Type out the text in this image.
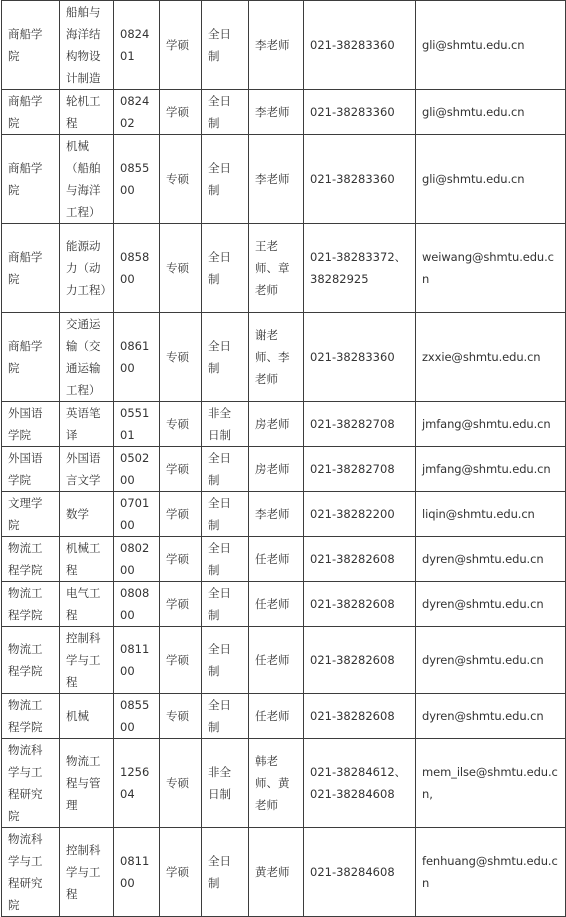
商船学院	船舶与海洋结构物设计制造	082401	学硕	全日制	李老师	021-38283360	gli@shmtu.edu.cn
商船学院	轮机工程	082402	学硕	全日制	李老师	021-38283360	gli@shmtu.edu.cn
商船学院	机械（船舶与海洋工程）	085500	专硕	全日制	李老师	021-38283360	gli@shmtu.edu.cn
商船学院	能源动力（动力工程）	085800	专硕	全日制	王老师、章老师	021-38283372、38282925	weiwang@shmtu.edu.cn
商船学院	交通运输（交通运输工程）	086100	专硕	全日制	谢老师、李老师	021-38283360	zxxie@shmtu.edu.cn
外国语学院	英语笔译	055101	专硕	非全日制	房老师	021-38282708	jmfang@shmtu.edu.cn
外国语学院	外国语言文学	050200	学硕	全日制	房老师	021-38282708	jmfang@shmtu.edu.cn
文理学院	数学	070100	学硕	全日制	李老师	021-38282200	liqin@shmtu.edu.cn
物流工程学院	机械工程	080200	学硕	全日制	任老师	021-38282608	dyren@shmtu.edu.cn
物流工程学院	电气工程	080800	学硕	全日制	任老师	021-38282608	dyren@shmtu.edu.cn
物流工程学院	控制科学与工程	081100	学硕	全日制	任老师	021-38282608	dyren@shmtu.edu.cn
物流工程学院	机械	085500	专硕	全日制	任老师	021-38282608	dyren@shmtu.edu.cn
物流科学与工程研究院	物流工程与管理	125604	专硕	非全日制	韩老师、黄老师	021-38284612、021-38284608	mem_ilse@shmtu.edu.cn,
物流科学与工程研究院	控制科学与工程	081100	学硕	全日制	黄老师	021-38284608	fenhuang@shmtu.edu.cn
